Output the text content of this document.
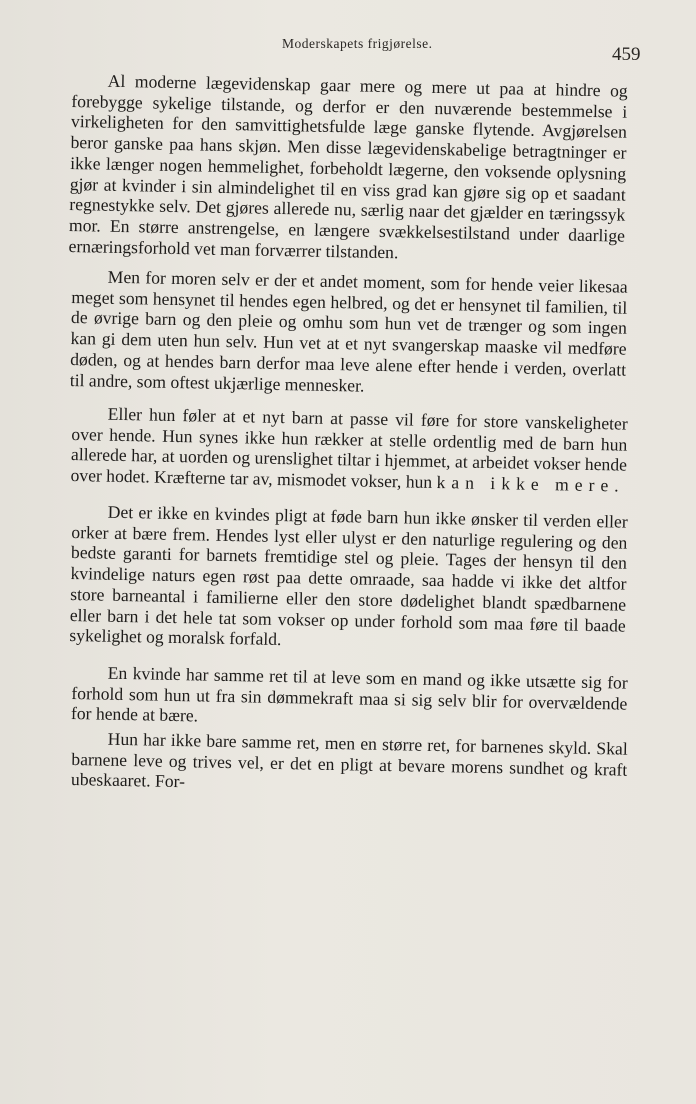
Moderskapets frigjørelse.
459

Al moderne lægevidenskap gaar mere og mere ut paa at hindre og forebygge sykelige tilstande, og derfor er den nuværende bestemmelse i virkeligheten for den samvittighetsfulde læge ganske flytende. Avgjørelsen beror ganske paa hans skjøn. Men disse lægevidenskabelige betragtninger er ikke længer nogen hemmelighet, forbeholdt lægerne, den voksende oplysning gjør at kvinder i sin almindelighet til en viss grad kan gjøre sig op et saadant regnestykke selv. Det gjøres allerede nu, særlig naar det gjælder en tæringssyk mor. En større anstrengelse, en længere svækkelsestilstand under daarlige ernæringsforhold vet man forværrer tilstanden.

Men for moren selv er der et andet moment, som for hende veier likesaa meget som hensynet til hendes egen helbred, og det er hensynet til familien, til de øvrige barn og den pleie og omhu som hun vet de trænger og som ingen kan gi dem uten hun selv. Hun vet at et nyt svangerskap maaske vil medføre døden, og at hendes barn derfor maa leve alene efter hende i verden, overlatt til andre, som oftest ukjærlige mennesker.

Eller hun føler at et nyt barn at passe vil føre for store vanskeligheter over hende. Hun synes ikke hun rækker at stelle ordentlig med de barn hun allerede har, at uorden og urenslighet tiltar i hjemmet, at arbeidet vokser hende over hodet. Kræfterne tar av, mismodet vokser, hun kan ikke mere.

Det er ikke en kvindes pligt at føde barn hun ikke ønsker til verden eller orker at bære frem. Hendes lyst eller ulyst er den naturlige regulering og den bedste garanti for barnets fremtidige stel og pleie. Tages der hensyn til den kvindelige naturs egen røst paa dette omraade, saa hadde vi ikke det altfor store barneantal i familierne eller den store dødelighet blandt spædbarnene eller barn i det hele tat som vokser op under forhold som maa føre til baade sykelighet og moralsk forfald.

En kvinde har samme ret til at leve som en mand og ikke utsætte sig for forhold som hun ut fra sin dømmekraft maa si sig selv blir for overvældende for hende at bære.

Hun har ikke bare samme ret, men en større ret, for barnenes skyld. Skal barnene leve og trives vel, er det en pligt at bevare morens sundhet og kraft ubeskaaret. For-
